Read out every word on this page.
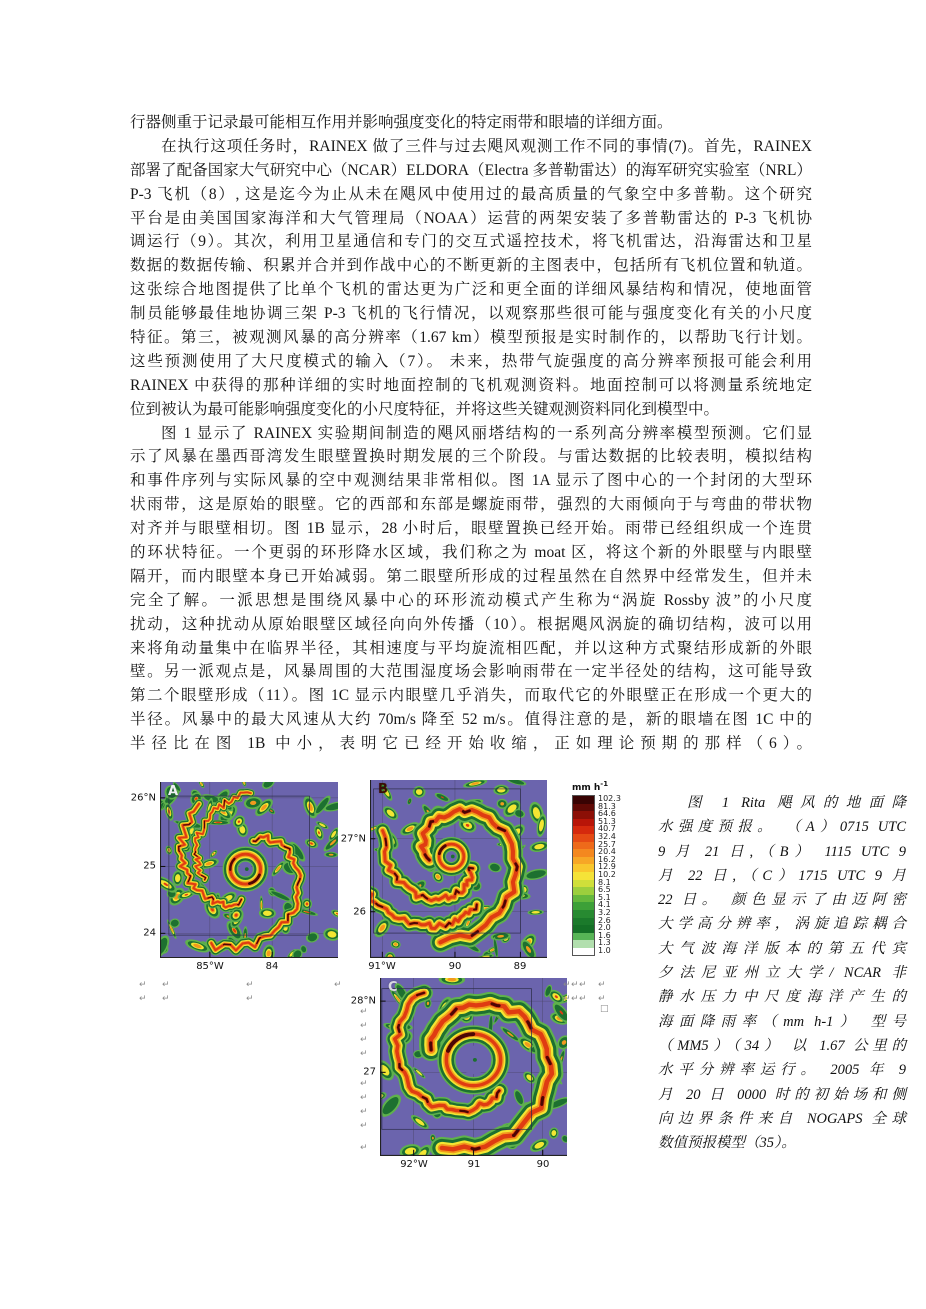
行器侧重于记录最可能相互作用并影响强度变化的特定雨带和眼墙的详细方面。
在执行这项任务时，RAINEX 做了三件与过去飓风观测工作不同的事情(7)。首先，RAINEX
部署了配备国家大气研究中心（NCAR）ELDORA（Electra 多普勒雷达）的海军研究实验室（NRL）
P-3 飞机（8）, 这是迄今为止从未在飓风中使用过的最高质量的气象空中多普勒。这个研究
平台是由美国国家海洋和大气管理局（NOAA）运营的两架安装了多普勒雷达的 P-3 飞机协
调运行（9）。其次，利用卫星通信和专门的交互式遥控技术，将飞机雷达，沿海雷达和卫星
数据的数据传输、积累并合并到作战中心的不断更新的主图表中，包括所有飞机位置和轨道。
这张综合地图提供了比单个飞机的雷达更为广泛和更全面的详细风暴结构和情况，使地面管
制员能够最佳地协调三架 P-3 飞机的飞行情况，以观察那些很可能与强度变化有关的小尺度
特征。第三，被观测风暴的高分辨率（1.67 km）模型预报是实时制作的，以帮助飞行计划。
这些预测使用了大尺度模式的输入（7）。 未来，热带气旋强度的高分辨率预报可能会利用
RAINEX 中获得的那种详细的实时地面控制的飞机观测资料。地面控制可以将测量系统地定
位到被认为最可能影响强度变化的小尺度特征，并将这些关键观测资料同化到模型中。
图 1 显示了 RAINEX 实验期间制造的飓风丽塔结构的一系列高分辨率模型预测。它们显
示了风暴在墨西哥湾发生眼壁置换时期发展的三个阶段。与雷达数据的比较表明，模拟结构
和事件序列与实际风暴的空中观测结果非常相似。图 1A 显示了图中心的一个封闭的大型环
状雨带，这是原始的眼壁。它的西部和东部是螺旋雨带，强烈的大雨倾向于与弯曲的带状物
对齐并与眼壁相切。图 1B 显示，28 小时后，眼壁置换已经开始。雨带已经组织成一个连贯
的环状特征。一个更弱的环形降水区域，我们称之为 moat 区，将这个新的外眼壁与内眼壁
隔开，而内眼壁本身已开始减弱。第二眼壁所形成的过程虽然在自然界中经常发生，但并未
完全了解。一派思想是围绕风暴中心的环形流动模式产生称为“涡旋 Rossby 波”的小尺度
扰动，这种扰动从原始眼壁区域径向向外传播（10）。根据飓风涡旋的确切结构，波可以用
来将角动量集中在临界半径，其相速度与平均旋流相匹配，并以这种方式聚结形成新的外眼
壁。另一派观点是，风暴周围的大范围湿度场会影响雨带在一定半径处的结构，这可能导致
第二个眼壁形成（11）。图 1C 显示内眼壁几乎消失，而取代它的外眼壁正在形成一个更大的
半径。风暴中的最大风速从大约 70m/s 降至 52 m/s。值得注意的是，新的眼墙在图 1C 中的
半径比在图 1B 中小，表明它已经开始收缩，正如理论预期的那样（6）。
mm $h^{-1}$
102.3
81.3
64.6
51.3
40.7
32.4
25.7
20.4
16.2
12.9
10.2
8.1
6.5
5.1
4.1
3.2
2.6
2.0
1.6
1.3
1.0
A
26°N
25
24
85°W	84
B
27°N
26
91°W	90	89
C
28°N
27
92°W	91	90
↵ ↵	↵	↵
↵ ↵	↵
↵ ↵ ↵ ↵
↵ ↵ ↵ ↵
□
↵
↵
↵
↵
↵
↵
↵
↵
↵
图 1 Rita 飓风的地面降
水强度预报。 （A）0715 UTC
9 月 21 日,（B） 1115 UTC 9
月 22 日,（C）1715 UTC 9 月
22 日。 颜色显示了由迈阿密
大学高分辨率，涡旋追踪耦合
大气波海洋版本的第五代宾
夕法尼亚州立大学/ NCAR 非
静水压力中尺度海洋产生的
海面降雨率（mm h-1） 型号
（MM5）（34） 以 1.67 公里的
水平分辨率运行。 2005 年 9
月 20 日 0000 时的初始场和侧
向边界条件来自 NOGAPS 全球
数值预报模型（35）。
